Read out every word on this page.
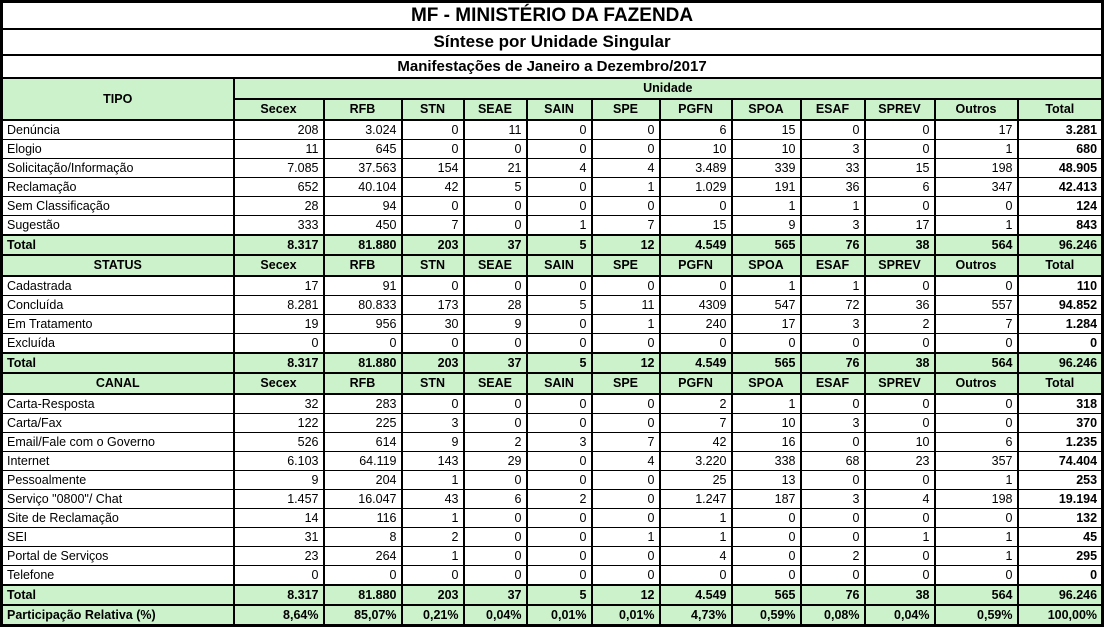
MF - MINISTÉRIO DA FAZENDA												
Síntese por Unidade Singular												
Manifestações de Janeiro a Dezembro/2017												
TIPO	Unidade											
	Secex	RFB	STN	SEAE	SAIN	SPE	PGFN	SPOA	ESAF	SPREV	Outros	Total
Denúncia	208	3.024	0	11	0	0	6	15	0	0	17	3.281
Elogio	11	645	0	0	0	0	10	10	3	0	1	680
Solicitação/Informação	7.085	37.563	154	21	4	4	3.489	339	33	15	198	48.905
Reclamação	652	40.104	42	5	0	1	1.029	191	36	6	347	42.413
Sem Classificação	28	94	0	0	0	0	0	1	1	0	0	124
Sugestão	333	450	7	0	1	7	15	9	3	17	1	843
Total	8.317	81.880	203	37	5	12	4.549	565	76	38	564	96.246
STATUS	Secex	RFB	STN	SEAE	SAIN	SPE	PGFN	SPOA	ESAF	SPREV	Outros	Total
Cadastrada	17	91	0	0	0	0	0	1	1	0	0	110
Concluída	8.281	80.833	173	28	5	11	4309	547	72	36	557	94.852
Em Tratamento	19	956	30	9	0	1	240	17	3	2	7	1.284
Excluída	0	0	0	0	0	0	0	0	0	0	0	0
Total	8.317	81.880	203	37	5	12	4.549	565	76	38	564	96.246
CANAL	Secex	RFB	STN	SEAE	SAIN	SPE	PGFN	SPOA	ESAF	SPREV	Outros	Total
Carta-Resposta	32	283	0	0	0	0	2	1	0	0	0	318
Carta/Fax	122	225	3	0	0	0	7	10	3	0	0	370
Email/Fale com o Governo	526	614	9	2	3	7	42	16	0	10	6	1.235
Internet	6.103	64.119	143	29	0	4	3.220	338	68	23	357	74.404
Pessoalmente	9	204	1	0	0	0	25	13	0	0	1	253
Serviço "0800"/ Chat	1.457	16.047	43	6	2	0	1.247	187	3	4	198	19.194
Site de Reclamação	14	116	1	0	0	0	1	0	0	0	0	132
SEI	31	8	2	0	0	1	1	0	0	1	1	45
Portal de Serviços	23	264	1	0	0	0	4	0	2	0	1	295
Telefone	0	0	0	0	0	0	0	0	0	0	0	0
Total	8.317	81.880	203	37	5	12	4.549	565	76	38	564	96.246
Participação Relativa (%)	8,64%	85,07%	0,21%	0,04%	0,01%	0,01%	4,73%	0,59%	0,08%	0,04%	0,59%	100,00%
